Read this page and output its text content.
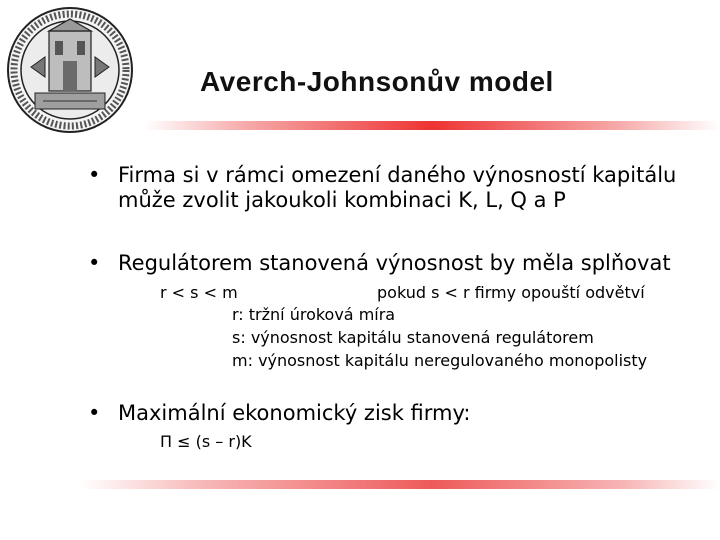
Averch-Johnsonův model
• Firma si v rámci omezení daného výnosností kapitálu
může zvolit jakoukoli kombinaci K, L, Q a P
• Regulátorem stanovená výnosnost by měla splňovat
r < s < m	pokud s < r firmy opouští odvětví
r: tržní úroková míra
s: výnosnost kapitálu stanovená regulátorem
m: výnosnost kapitálu neregulovaného monopolisty
• Maximální ekonomický zisk firmy:
Π ≤ (s – r)K
